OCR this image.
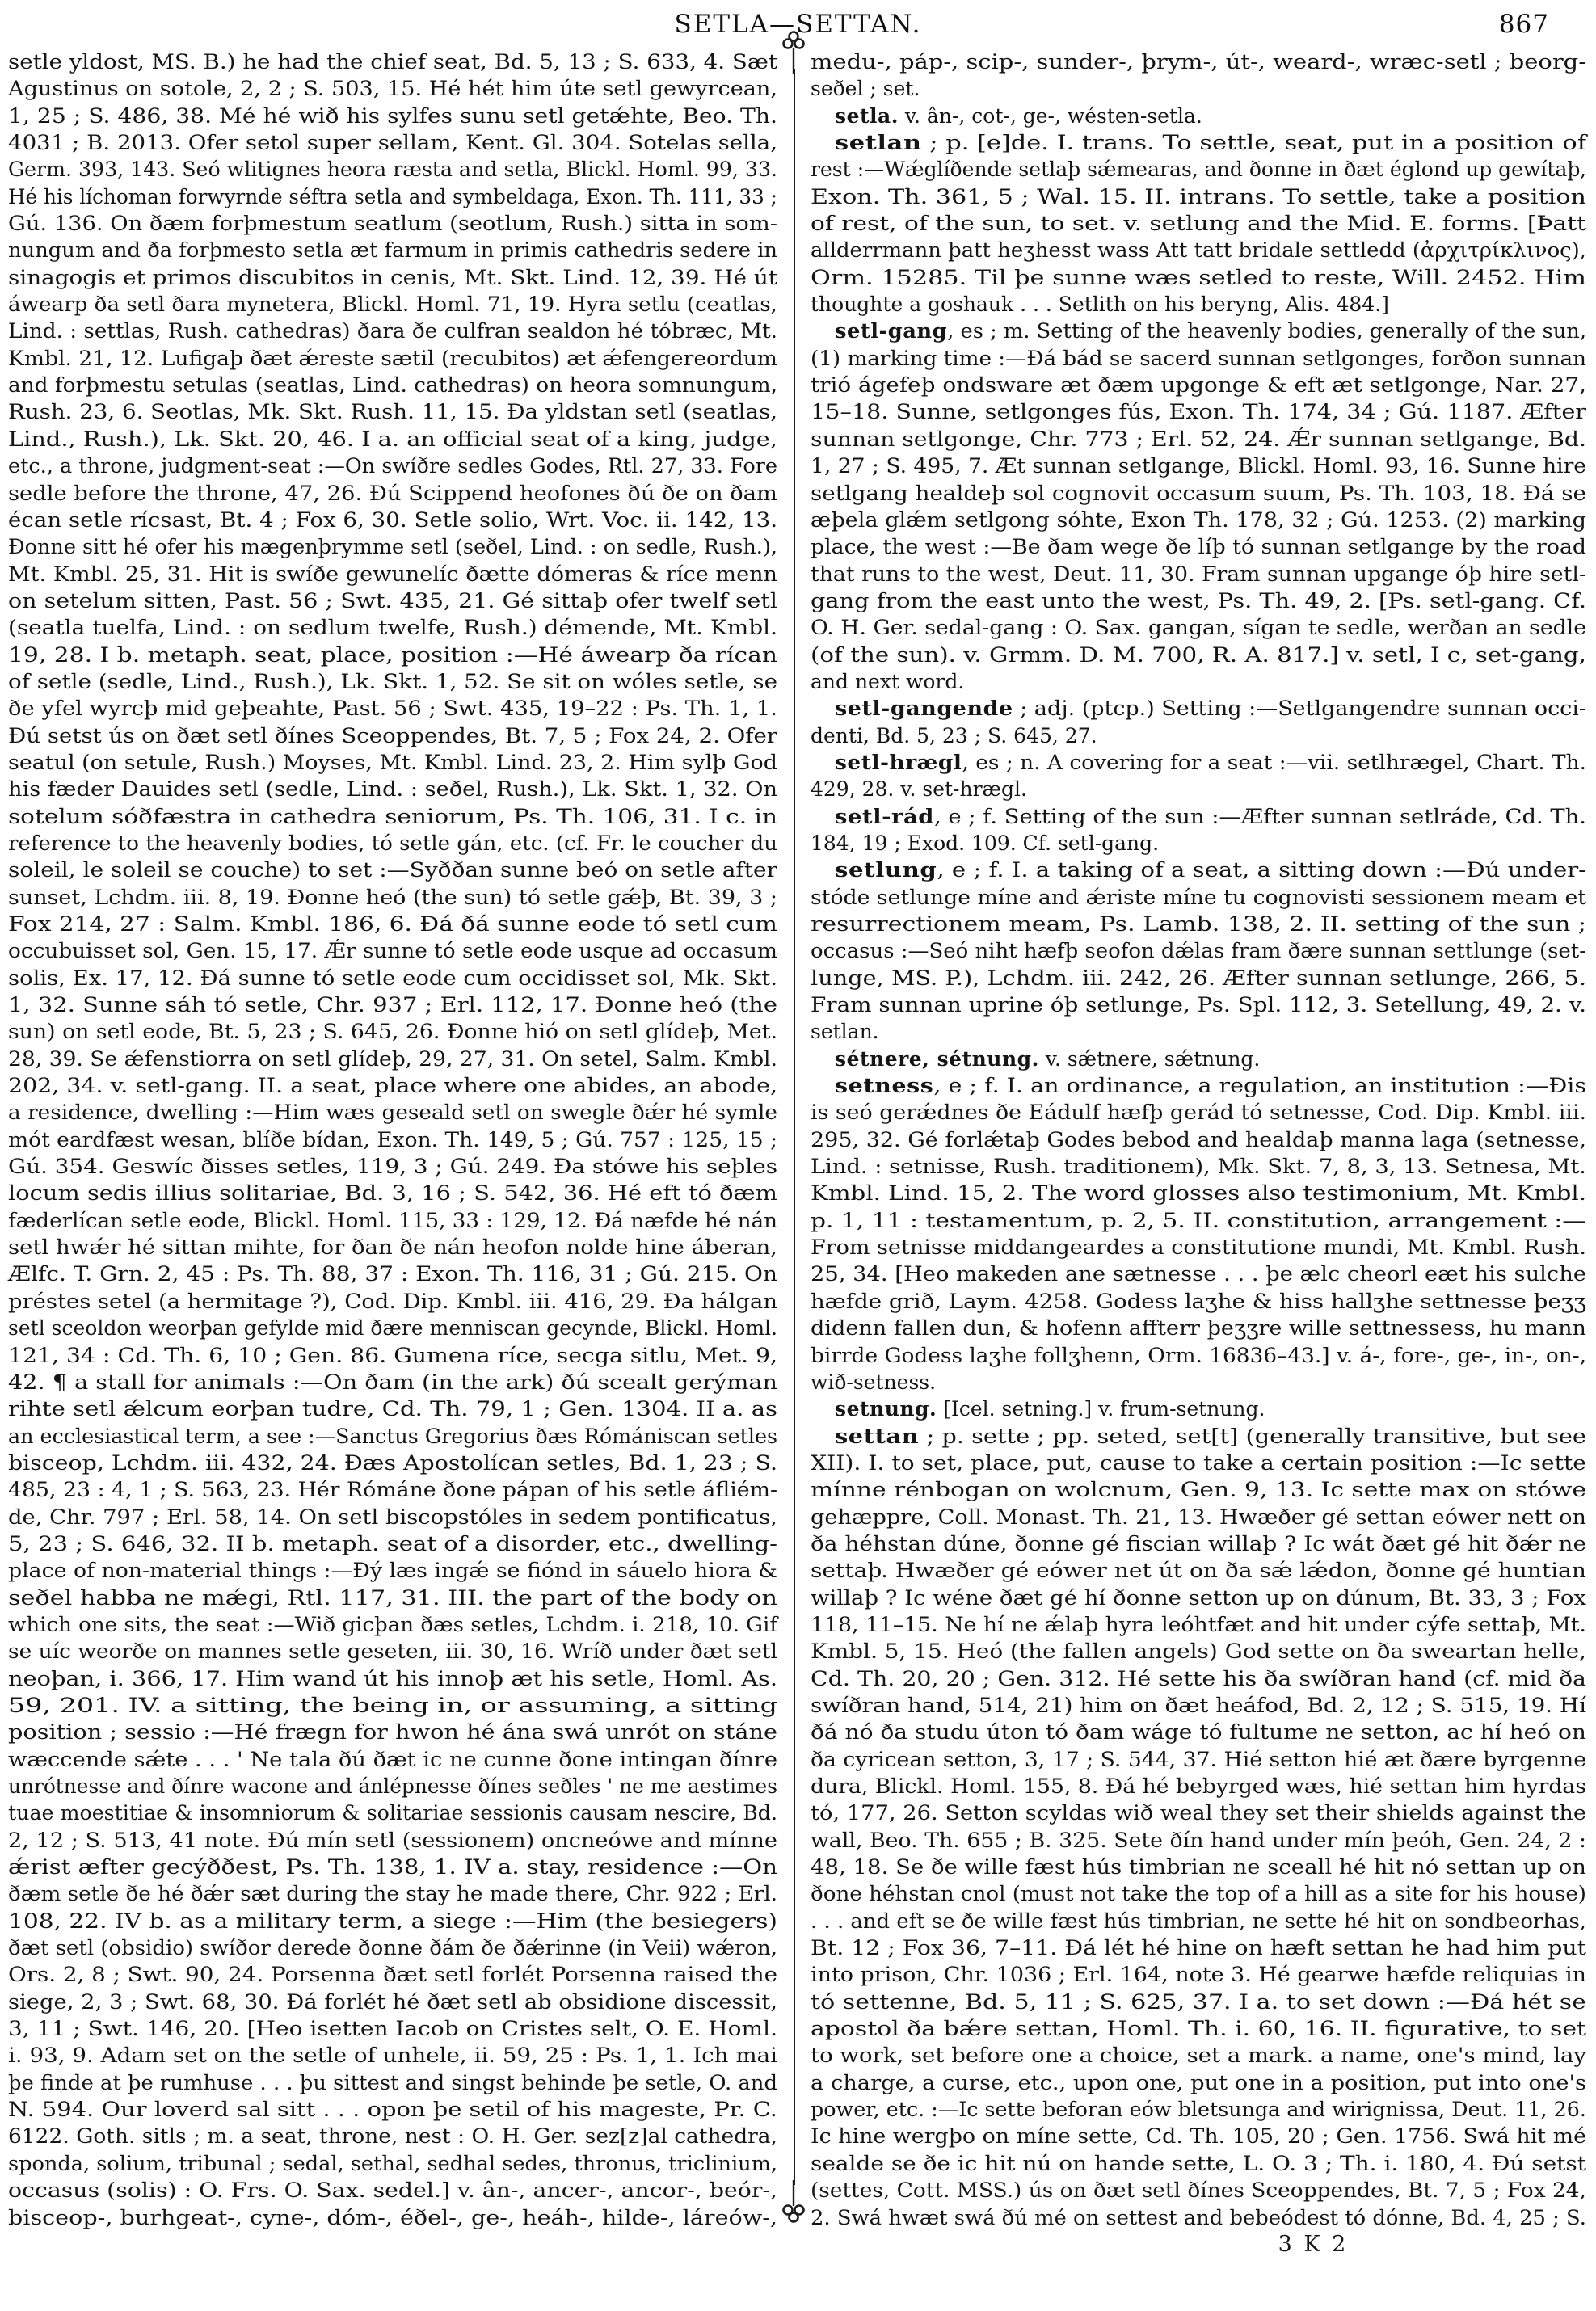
SETLA—SETTAN.	867
setle yldost, MS. B.) he had the chief seat, Bd. 5, 13 ; S. 633, 4. Sæt
Agustinus on sotole, 2, 2 ; S. 503, 15. Hé hét him úte setl gewyrcean,
1, 25 ; S. 486, 38. Mé hé wið his sylfes sunu setl getǽhte, Beo. Th.
4031 ; B. 2013. Ofer setol super sellam, Kent. Gl. 304. Sotelas sella,
Germ. 393, 143. Seó wlitignes heora ræsta and setla, Blickl. Homl. 99, 33.
Hé his líchoman forwyrnde séftra setla and symbeldaga, Exon. Th. 111, 33 ;
Gú. 136. On ðæm forþmestum seatlum (seotlum, Rush.) sitta in som-
nungum and ða forþmesto setla æt farmum in primis cathedris sedere in
sinagogis et primos discubitos in cenis, Mt. Skt. Lind. 12, 39. Hé út
áwearp ða setl ðara mynetera, Blickl. Homl. 71, 19. Hyra setlu (ceatlas,
Lind. : settlas, Rush. cathedras) ðara ðe culfran sealdon hé tóbræc, Mt.
Kmbl. 21, 12. Lufigaþ ðæt ǽreste sætil (recubitos) æt ǽfengereordum
and forþmestu setulas (seatlas, Lind. cathedras) on heora somnungum,
Rush. 23, 6. Seotlas, Mk. Skt. Rush. 11, 15. Ða yldstan setl (seatlas,
Lind., Rush.), Lk. Skt. 20, 46. I a. an official seat of a king, judge,
etc., a throne, judgment-seat :—On swíðre sedles Godes, Rtl. 27, 33. Fore
sedle before the throne, 47, 26. Ðú Scippend heofones ðú ðe on ðam
écan setle rícsast, Bt. 4 ; Fox 6, 30. Setle solio, Wrt. Voc. ii. 142, 13.
Ðonne sitt hé ofer his mægenþrymme setl (seðel, Lind. : on sedle, Rush.),
Mt. Kmbl. 25, 31. Hit is swíðe gewunelíc ðætte dómeras & ríce menn
on setelum sitten, Past. 56 ; Swt. 435, 21. Gé sittaþ ofer twelf setl
(seatla tuelfa, Lind. : on sedlum twelfe, Rush.) démende, Mt. Kmbl.
19, 28. I b. metaph. seat, place, position :—Hé áwearp ða rícan
of setle (sedle, Lind., Rush.), Lk. Skt. 1, 52. Se sit on wóles setle, se
ðe yfel wyrcþ mid geþeahte, Past. 56 ; Swt. 435, 19–22 : Ps. Th. 1, 1.
Ðú setst ús on ðæt setl ðínes Sceoppendes, Bt. 7, 5 ; Fox 24, 2. Ofer
seatul (on setule, Rush.) Moyses, Mt. Kmbl. Lind. 23, 2. Him sylþ God
his fæder Dauides setl (sedle, Lind. : seðel, Rush.), Lk. Skt. 1, 32. On
sotelum sóðfæstra in cathedra seniorum, Ps. Th. 106, 31. I c. in
reference to the heavenly bodies, tó setle gán, etc. (cf. Fr. le coucher du
soleil, le soleil se couche) to set :—Syððan sunne beó on setle after
sunset, Lchdm. iii. 8, 19. Ðonne heó (the sun) tó setle gǽþ, Bt. 39, 3 ;
Fox 214, 27 : Salm. Kmbl. 186, 6. Ðá ðá sunne eode tó setl cum
occubuisset sol, Gen. 15, 17. Ǽr sunne tó setle eode usque ad occasum
solis, Ex. 17, 12. Ðá sunne tó setle eode cum occidisset sol, Mk. Skt.
1, 32. Sunne sáh tó setle, Chr. 937 ; Erl. 112, 17. Ðonne heó (the
sun) on setl eode, Bt. 5, 23 ; S. 645, 26. Ðonne hió on setl glídeþ, Met.
28, 39. Se ǽfenstiorra on setl glídeþ, 29, 27, 31. On setel, Salm. Kmbl.
202, 34. v. setl-gang. II. a seat, place where one abides, an abode,
a residence, dwelling :—Him wæs geseald setl on swegle ðǽr hé symle
mót eardfæst wesan, blíðe bídan, Exon. Th. 149, 5 ; Gú. 757 : 125, 15 ;
Gú. 354. Geswíc ðisses setles, 119, 3 ; Gú. 249. Ða stówe his seþles
locum sedis illius solitariae, Bd. 3, 16 ; S. 542, 36. Hé eft tó ðæm
fæderlícan setle eode, Blickl. Homl. 115, 33 : 129, 12. Ðá næfde hé nán
setl hwǽr hé sittan mihte, for ðan ðe nán heofon nolde hine áberan,
Ælfc. T. Grn. 2, 45 : Ps. Th. 88, 37 : Exon. Th. 116, 31 ; Gú. 215. On
préstes setel (a hermitage ?), Cod. Dip. Kmbl. iii. 416, 29. Ða hálgan
setl sceoldon weorþan gefylde mid ðære menniscan gecynde, Blickl. Homl.
121, 34 : Cd. Th. 6, 10 ; Gen. 86. Gumena ríce, secga sitlu, Met. 9,
42. ¶ a stall for animals :—On ðam (in the ark) ðú scealt gerýman
rihte setl ǽlcum eorþan tudre, Cd. Th. 79, 1 ; Gen. 1304. II a. as
an ecclesiastical term, a see :—Sanctus Gregorius ðæs Rómániscan setles
bisceop, Lchdm. iii. 432, 24. Ðæs Apostolícan setles, Bd. 1, 23 ; S.
485, 23 : 4, 1 ; S. 563, 23. Hér Rómáne ðone pápan of his setle áfliém-
de, Chr. 797 ; Erl. 58, 14. On setl biscopstóles in sedem pontificatus,
5, 23 ; S. 646, 32. II b. metaph. seat of a disorder, etc., dwelling-
place of non-material things :—Ðý læs ingǽ se fiónd in sáuelo hiora &
seðel habba ne mǽgi, Rtl. 117, 31. III. the part of the body on
which one sits, the seat :—Wið gicþan ðæs setles, Lchdm. i. 218, 10. Gif
se uíc weorðe on mannes setle geseten, iii. 30, 16. Wríð under ðæt setl
neoþan, i. 366, 17. Him wand út his innoþ æt his setle, Homl. As.
59, 201. IV. a sitting, the being in, or assuming, a sitting
position ; sessio :—Hé frægn for hwon hé ána swá unrót on stáne
wæccende sǽte . . . ' Ne tala ðú ðæt ic ne cunne ðone intingan ðínre
unrótnesse and ðínre wacone and ánlépnesse ðínes seðles ' ne me aestimes
tuae moestitiae & insomniorum & solitariae sessionis causam nescire, Bd.
2, 12 ; S. 513, 41 note. Ðú mín setl (sessionem) oncneówe and mínne
ǽrist æfter gecýððest, Ps. Th. 138, 1. IV a. stay, residence :—On
ðæm setle ðe hé ðǽr sæt during the stay he made there, Chr. 922 ; Erl.
108, 22. IV b. as a military term, a siege :—Him (the besiegers)
ðæt setl (obsidio) swíðor derede ðonne ðám ðe ðǽrinne (in Veii) wǽron,
Ors. 2, 8 ; Swt. 90, 24. Porsenna ðæt setl forlét Porsenna raised the
siege, 2, 3 ; Swt. 68, 30. Ðá forlét hé ðæt setl ab obsidione discessit,
3, 11 ; Swt. 146, 20. [Heo isetten Iacob on Cristes selt, O. E. Homl.
i. 93, 9. Adam set on the setle of unhele, ii. 59, 25 : Ps. 1, 1. Ich mai
þe finde at þe rumhuse . . . þu sittest and singst behinde þe setle, O. and
N. 594. Our loverd sal sitt . . . opon þe setil of his mageste, Pr. C.
6122. Goth. sitls ; m. a seat, throne, nest : O. H. Ger. sez[z]al cathedra,
sponda, solium, tribunal ; sedal, sethal, sedhal sedes, thronus, triclinium,
occasus (solis) : O. Frs. O. Sax. sedel.] v. ân-, ancer-, ancor-, beór-,
bisceop-, burhgeat-, cyne-, dóm-, éðel-, ge-, heáh-, hilde-, láreów-,
medu-, páp-, scip-, sunder-, þrym-, út-, weard-, wræc-setl ; beorg-
seðel ; set.
setla. v. ân-, cot-, ge-, wésten-setla.
setlan ; p. [e]de. I. trans. To settle, seat, put in a position of
rest :—Wǽglíðende setlaþ sǽmearas, and ðonne in ðæt églond up gewítaþ,
Exon. Th. 361, 5 ; Wal. 15. II. intrans. To settle, take a position
of rest, of the sun, to set. v. setlung and the Mid. E. forms. [Þatt
allderrmann þatt heʒhesst wass Att tatt bridale settledd (ἀρχιτρίκλινος),
Orm. 15285. Til þe sunne wæs setled to reste, Will. 2452. Him
thoughte a goshauk . . . Setlith on his beryng, Alis. 484.]
setl-gang, es ; m. Setting of the heavenly bodies, generally of the sun,
(1) marking time :—Ðá bád se sacerd sunnan setlgonges, forðon sunnan
trió ágefeþ ondsware æt ðæm upgonge & eft æt setlgonge, Nar. 27,
15–18. Sunne, setlgonges fús, Exon. Th. 174, 34 ; Gú. 1187. Æfter
sunnan setlgonge, Chr. 773 ; Erl. 52, 24. Ǽr sunnan setlgange, Bd.
1, 27 ; S. 495, 7. Æt sunnan setlgange, Blickl. Homl. 93, 16. Sunne hire
setlgang healdeþ sol cognovit occasum suum, Ps. Th. 103, 18. Ðá se
æþela glǽm setlgong sóhte, Exon Th. 178, 32 ; Gú. 1253. (2) marking
place, the west :—Be ðam wege ðe líþ tó sunnan setlgange by the road
that runs to the west, Deut. 11, 30. Fram sunnan upgange óþ hire setl-
gang from the east unto the west, Ps. Th. 49, 2. [Ps. setl-gang. Cf.
O. H. Ger. sedal-gang : O. Sax. gangan, sígan te sedle, werðan an sedle
(of the sun). v. Grmm. D. M. 700, R. A. 817.] v. setl, I c, set-gang,
and next word.
setl-gangende ; adj. (ptcp.) Setting :—Setlgangendre sunnan occi-
denti, Bd. 5, 23 ; S. 645, 27.
setl-hrægl, es ; n. A covering for a seat :—vii. setlhrægel, Chart. Th.
429, 28. v. set-hrægl.
setl-rád, e ; f. Setting of the sun :—Æfter sunnan setlráde, Cd. Th.
184, 19 ; Exod. 109. Cf. setl-gang.
setlung, e ; f. I. a taking of a seat, a sitting down :—Ðú under-
stóde setlunge míne and ǽriste míne tu cognovisti sessionem meam et
resurrectionem meam, Ps. Lamb. 138, 2. II. setting of the sun ;
occasus :—Seó niht hæfþ seofon dǽlas fram ðære sunnan settlunge (set-
lunge, MS. P.), Lchdm. iii. 242, 26. Æfter sunnan setlunge, 266, 5.
Fram sunnan uprine óþ setlunge, Ps. Spl. 112, 3. Setellung, 49, 2. v.
setlan.
sétnere, sétnung. v. sǽtnere, sǽtnung.
setness, e ; f. I. an ordinance, a regulation, an institution :—Ðis
is seó gerǽdnes ðe Eádulf hæfþ gerád tó setnesse, Cod. Dip. Kmbl. iii.
295, 32. Gé forlǽtaþ Godes bebod and healdaþ manna laga (setnesse,
Lind. : setnisse, Rush. traditionem), Mk. Skt. 7, 8, 3, 13. Setnesa, Mt.
Kmbl. Lind. 15, 2. The word glosses also testimonium, Mt. Kmbl.
p. 1, 11 : testamentum, p. 2, 5. II. constitution, arrangement :—
From setnisse middangeardes a constitutione mundi, Mt. Kmbl. Rush.
25, 34. [Heo makeden ane sætnesse . . . þe ælc cheorl eæt his sulche
hæfde grið, Laym. 4258. Godess laʒhe & hiss hallʒhe settnesse þeʒʒ
didenn fallen dun, & hofenn affterr þeʒʒre wille settnessess, hu mann
birrde Godess laʒhe follʒhenn, Orm. 16836–43.] v. á-, fore-, ge-, in-, on-,
wið-setness.
setnung. [Icel. setning.] v. frum-setnung.
settan ; p. sette ; pp. seted, set[t] (generally transitive, but see
XII). I. to set, place, put, cause to take a certain position :—Ic sette
mínne rénbogan on wolcnum, Gen. 9, 13. Ic sette max on stówe
gehæppre, Coll. Monast. Th. 21, 13. Hwæðer gé settan eówer nett on
ða héhstan dúne, ðonne gé fiscian willaþ ? Ic wát ðæt gé hit ðǽr ne
settaþ. Hwæðer gé eówer net út on ða sǽ lǽdon, ðonne gé huntian
willaþ ? Ic wéne ðæt gé hí ðonne setton up on dúnum, Bt. 33, 3 ; Fox
118, 11–15. Ne hí ne ǽlaþ hyra leóhtfæt and hit under cýfe settaþ, Mt.
Kmbl. 5, 15. Heó (the fallen angels) God sette on ða sweartan helle,
Cd. Th. 20, 20 ; Gen. 312. Hé sette his ða swíðran hand (cf. mid ða
swíðran hand, 514, 21) him on ðæt heáfod, Bd. 2, 12 ; S. 515, 19. Hí
ðá nó ða studu úton tó ðam wáge tó fultume ne setton, ac hí heó on
ða cyricean setton, 3, 17 ; S. 544, 37. Hié setton hié æt ðære byrgenne
dura, Blickl. Homl. 155, 8. Ðá hé bebyrged wæs, hié settan him hyrdas
tó, 177, 26. Setton scyldas wið weal they set their shields against the
wall, Beo. Th. 655 ; B. 325. Sete ðín hand under mín þeóh, Gen. 24, 2 :
48, 18. Se ðe wille fæst hús timbrian ne sceall hé hit nó settan up on
ðone héhstan cnol (must not take the top of a hill as a site for his house)
. . . and eft se ðe wille fæst hús timbrian, ne sette hé hit on sondbeorhas,
Bt. 12 ; Fox 36, 7–11. Ðá lét hé hine on hæft settan he had him put
into prison, Chr. 1036 ; Erl. 164, note 3. Hé gearwe hæfde reliquias in
tó settenne, Bd. 5, 11 ; S. 625, 37. I a. to set down :—Ðá hét se
apostol ða bǽre settan, Homl. Th. i. 60, 16. II. figurative, to set
to work, set before one a choice, set a mark. a name, one's mind, lay
a charge, a curse, etc., upon one, put one in a position, put into one's
power, etc. :—Ic sette beforan eów bletsunga and wirignissa, Deut. 11, 26.
Ic hine wergþo on míne sette, Cd. Th. 105, 20 ; Gen. 1756. Swá hit mé
sealde se ðe ic hit nú on hande sette, L. O. 3 ; Th. i. 180, 4. Ðú setst
(settes, Cott. MSS.) ús on ðæt setl ðínes Sceoppendes, Bt. 7, 5 ; Fox 24,
2. Swá hwæt swá ðú mé on settest and bebeódest tó dónne, Bd. 4, 25 ; S.
3 K 2
